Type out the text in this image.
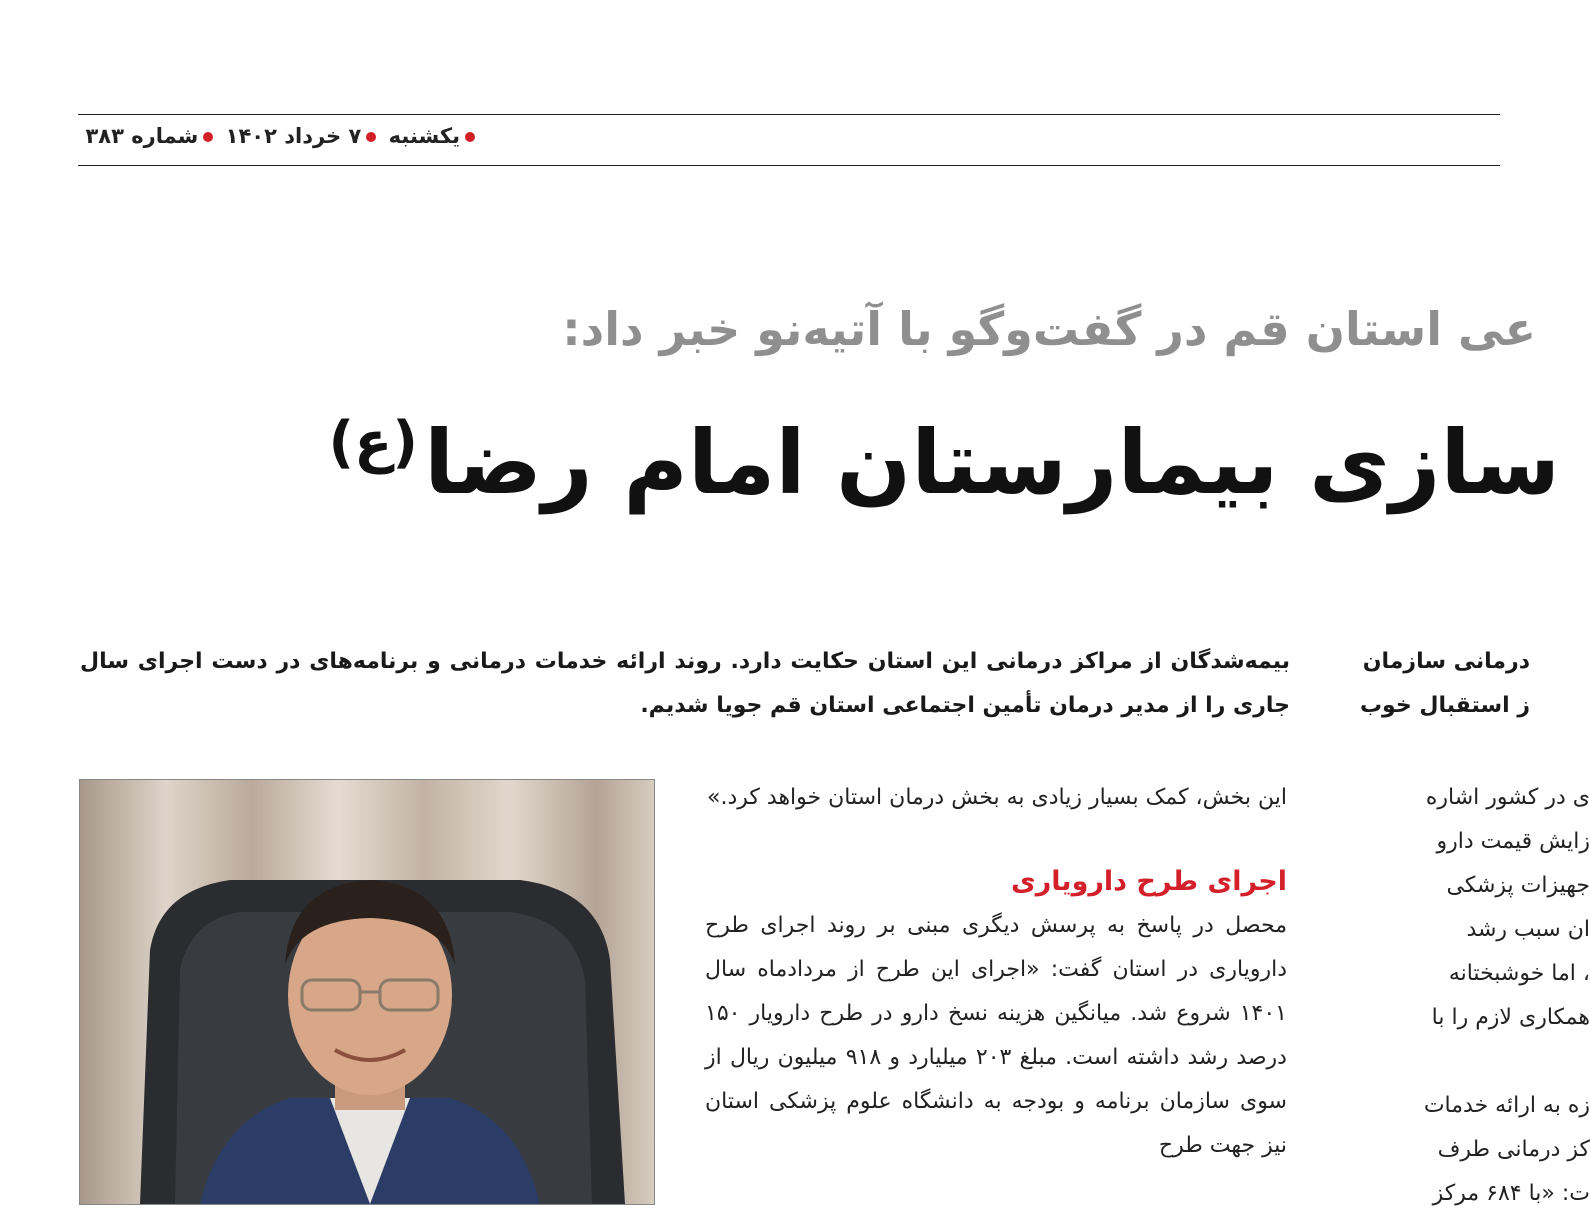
یکشنبه ۷ خرداد ۱۴۰۲ شماره ۳۸۳
عی استان قم در گفت‌وگو با آتیه‌نو خبر داد:
سازی بیمارستان امام رضا$^{(ع)}$
درمانی سازمان
ز استقبال خوب
بیمه‌شدگان از مراکز درمانی این استان حکایت دارد. روند ارائه خدمات درمانی و برنامه‌های در دست اجرای سال جاری را از مدیر درمان تأمین اجتماعی استان قم جویا شدیم.

این بخش، کمک بسیار زیادی به بخش درمان استان خواهد کرد.»

اجرای طرح دارویاری

محصل در پاسخ به پرسش دیگری مبنی بر روند اجرای طرح دارویاری در استان گفت: «اجرای این طرح از مردادماه سال ۱۴۰۱ شروع شد. میانگین هزینه نسخ دارو در طرح دارویار ۱۵۰ درصد رشد داشته است. مبلغ ۲۰۳ میلیارد و ۹۱۸ میلیون ریال از سوی سازمان برنامه و بودجه به دانشگاه علوم پزشکی استان نیز جهت طرح

ی در کشور اشاره
زایش قیمت دارو
جهیزات پزشکی
ان سبب رشد
، اما خوشبختانه
همکاری لازم را با
زه به ارائه خدمات
کز درمانی طرف
ت: «با ۶۸۴ مرکز
